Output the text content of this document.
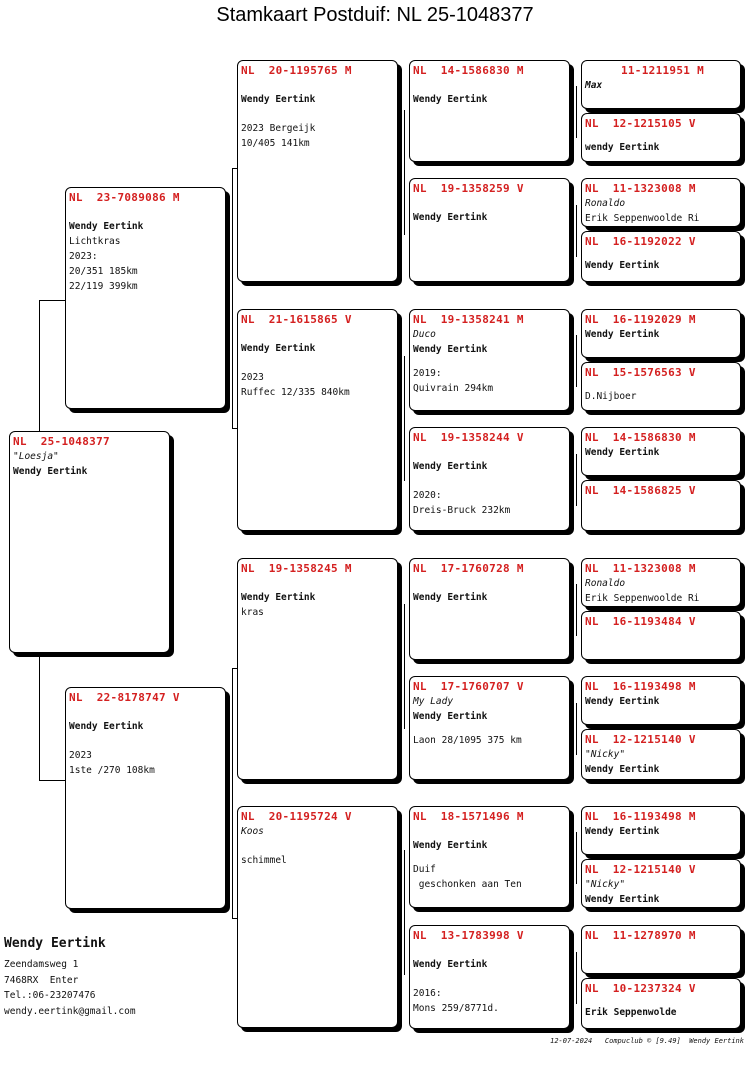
Stamkaart Postduif: NL 25-1048377
NL  25-1048377
"Loesja"
Wendy Eertink
NL  23-7089086 M
Wendy Eertink
Lichtkras
2023:
20/351 185km
22/119 399km
NL  22-8178747 V
Wendy Eertink
2023
1ste /270 108km
NL  20-1195765 M
Wendy Eertink
2023 Bergeijk
10/405 141km
NL  21-1615865 V
Wendy Eertink
2023
Ruffec 12/335 840km
NL  19-1358245 M
Wendy Eertink
kras
NL  20-1195724 V
Koos
schimmel
NL  14-1586830 M
Wendy Eertink
NL  19-1358259 V
Wendy Eertink
NL  19-1358241 M
Duco
Wendy Eertink
2019:
Quivrain 294km
NL  19-1358244 V
Wendy Eertink
2020:
Dreis-Bruck 232km
NL  17-1760728 M
Wendy Eertink
NL  17-1760707 V
My Lady
Wendy Eertink
Laon 28/1095 375 km
NL  18-1571496 M
Wendy Eertink
Duif
geschonken aan Ten
NL  13-1783998 V
Wendy Eertink
2016:
Mons 259/8771d.
11-1211951 M
Max
NL  12-1215105 V
wendy Eertink
NL  11-1323008 M
Ronaldo
Erik Seppenwoolde Ri
NL  16-1192022 V
Wendy Eertink
NL  16-1192029 M
Wendy Eertink
NL  15-1576563 V
D.Nijboer
NL  14-1586830 M
Wendy Eertink
NL  14-1586825 V
NL  11-1323008 M
Ronaldo
Erik Seppenwoolde Ri
NL  16-1193484 V
NL  16-1193498 M
Wendy Eertink
NL  12-1215140 V
"Nicky"
Wendy Eertink
NL  16-1193498 M
Wendy Eertink
NL  12-1215140 V
"Nicky"
Wendy Eertink
NL  11-1278970 M
NL  10-1237324 V
Erik Seppenwolde
Wendy Eertink
Zeendamsweg 1
7468RX  Enter
Tel.:06-23207476
wendy.eertink@gmail.com
12-07-2024   Compuclub © [9.49]  Wendy Eertink
